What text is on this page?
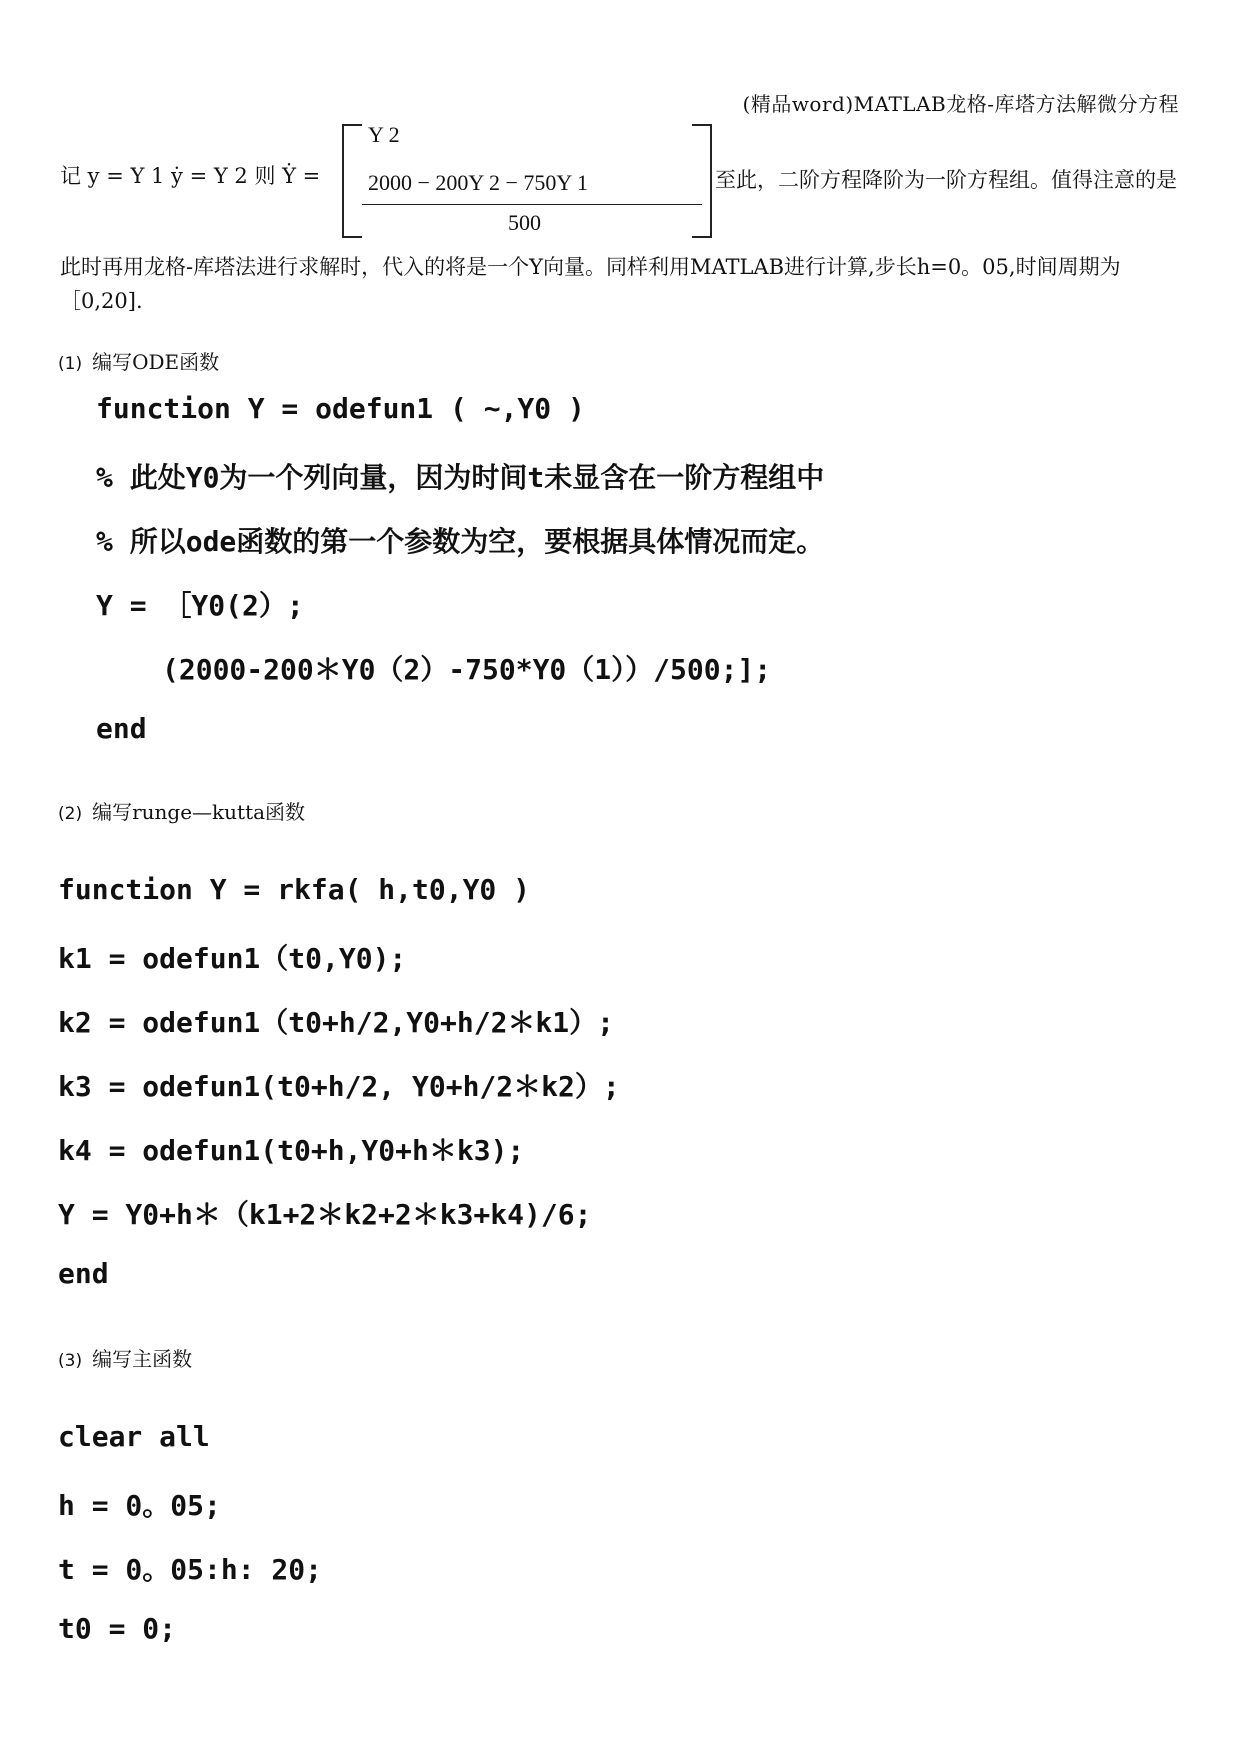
(精品word)MATLAB龙格-库塔方法解微分方程
记 y = Y 1 ẏ = Y 2 则 Ẏ =
Y 2
2000 − 200Y 2 − 750Y 1
500
至此，二阶方程降阶为一阶方程组。值得注意的是
此时再用龙格-库塔法进行求解时，代入的将是一个Y向量。同样利用MATLAB进行计算,步长h=0。05,时间周期为［0,20].
(1) 编写ODE函数
function Y = odefun1 ( ~,Y0 )
% 此处Y0为一个列向量，因为时间t未显含在一阶方程组中
% 所以ode函数的第一个参数为空，要根据具体情况而定。
Y = ［Y0(2）;
(2000-200＊Y0（2）-750*Y0（1））/500;];
end
(2) 编写runge—kutta函数
function Y = rkfa( h,t0,Y0 )
k1 = odefun1（t0,Y0);
k2 = odefun1（t0+h/2,Y0+h/2＊k1）;
k3 = odefun1(t0+h/2, Y0+h/2＊k2）;
k4 = odefun1(t0+h,Y0+h＊k3);
Y = Y0+h＊（k1+2＊k2+2＊k3+k4)/6;
end
(3) 编写主函数
clear all
h = 0。05;
t = 0。05:h: 20;
t0 = 0;
